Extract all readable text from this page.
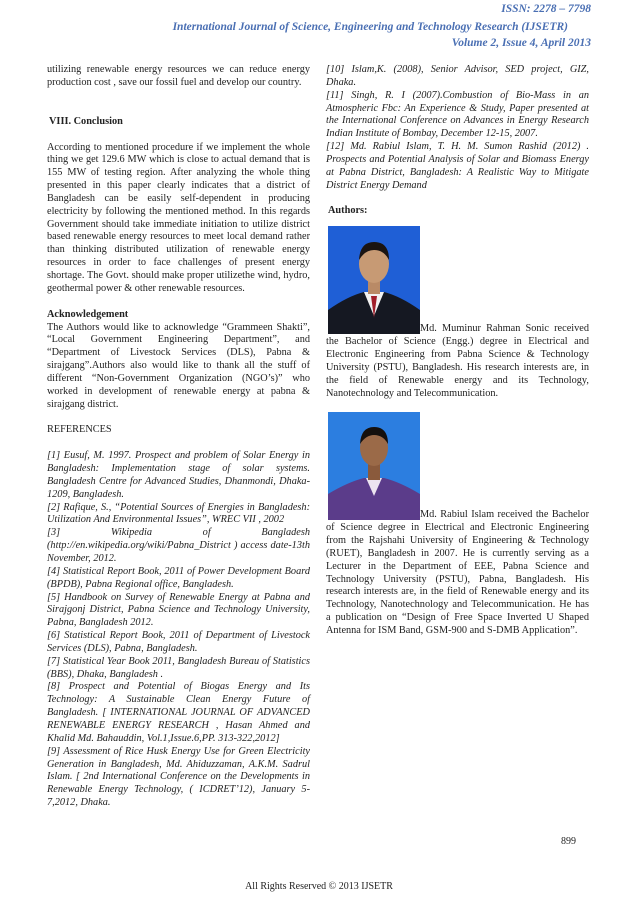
ISSN: 2278 – 7798
International Journal of Science, Engineering and Technology Research (IJSETR)
Volume 2, Issue 4, April 2013

utilizing renewable energy resources we can reduce energy production cost , save our fossil fuel and develop our country.

VIII. Conclusion

According to mentioned procedure if we implement the whole thing we get 129.6 MW which is close to actual demand that is 155 MW of testing region. After analyzing the whole thing presented in this paper clearly indicates that a district of Bangladesh can be easily self-dependent in producing electricity by following the mentioned method. In this regards Government should take immediate initiation to utilize district based renewable energy resources to meet local demand rather than thinking distributed utilization of renewable energy resources in order to face challenges of present energy shortage. The Govt. should make proper utilizethe wind, hydro, geothermal power & other renewable resources.

Acknowledgement

The Authors would like to acknowledge “Grammeen Shakti”, “Local Government Engineering Department”, and “Department of Livestock Services (DLS), Pabna & sirajgang”.Authors also would like to thank all the stuff of different “Non-Government Organization (NGO’s)” who worked in development of renewable energy at pabna & sirajgang district.

REFERENCES

[1] Eusuf, M. 1997. Prospect and problem of Solar Energy in Bangladesh: Implementation stage of solar systems. Bangladesh Centre for Advanced Studies, Dhanmondi, Dhaka-1209, Bangladesh.

[2] Rafique, S., “Potential Sources of Energies in Bangladesh: Utilization And Environmental Issues”, WREC VII , 2002

[3] Wikipedia of Bangladesh (http://en.wikipedia.org/wiki/Pabna_District ) access date-13th November, 2012.

[4] Statistical Report Book, 2011 of Power Development Board (BPDB), Pabna Regional office, Bangladesh.

[5] Handbook on Survey of Renewable Energy at Pabna and Sirajgonj District, Pabna Science and Technology University, Pabna, Bangladesh 2012.

[6] Statistical Report Book, 2011 of Department of Livestock Services (DLS), Pabna, Bangladesh.

[7] Statistical Year Book 2011, Bangladesh Bureau of Statistics (BBS), Dhaka, Bangladesh .

[8] Prospect and Potential of Biogas Energy and Its Technology: A Sustainable Clean Energy Future of Bangladesh. [ INTERNATIONAL JOURNAL OF ADVANCED RENEWABLE ENERGY RESEARCH , Hasan Ahmed and Khalid Md. Bahauddin, Vol.1,Issue.6,PP. 313-322,2012]

[9] Assessment of Rice Husk Energy Use for Green Electricity Generation in Bangladesh, Md. Ahiduzzaman, A.K.M. Sadrul Islam. [ 2nd International Conference on the Developments in Renewable Energy Technology, ( ICDRET’12), January 5-7,2012, Dhaka.

[10] Islam,K. (2008), Senior Advisor, SED project, GIZ, Dhaka.

[11] Singh, R. I (2007).Combustion of Bio-Mass in an Atmospheric Fbc: An Experience & Study, Paper presented at the International Conference on Advances in Energy Research Indian Institute of Bombay, December 12-15, 2007.

[12] Md. Rabiul Islam, T. H. M. Sumon Rashid (2012) . Prospects and Potential Analysis of Solar and Biomass Energy at Pabna District, Bangladesh: A Realistic Way to Mitigate District Energy Demand

Authors:

Md. Muminur Rahman Sonic received the Bachelor of Science (Engg.) degree in Electrical and Electronic Engineering from Pabna Science & Technology University (PSTU), Bangladesh. His research interests are, in the field of Renewable energy and its Technology, Nanotechnology and Telecommunication.

Md. Rabiul Islam received the Bachelor of Science degree in Electrical and Electronic Engineering from the Rajshahi University of Engineering & Technology (RUET), Bangladesh in 2007. He is currently serving as a Lecturer in the Department of EEE, Pabna Science and Technology University (PSTU), Pabna, Bangladesh. His research interests are, in the field of Renewable energy and its Technology, Nanotechnology and Telecommunication. He has a publication on “Design of Free Space Inverted U Shaped Antenna for ISM Band, GSM-900 and S-DMB Application”.

899
All Rights Reserved © 2013 IJSETR
